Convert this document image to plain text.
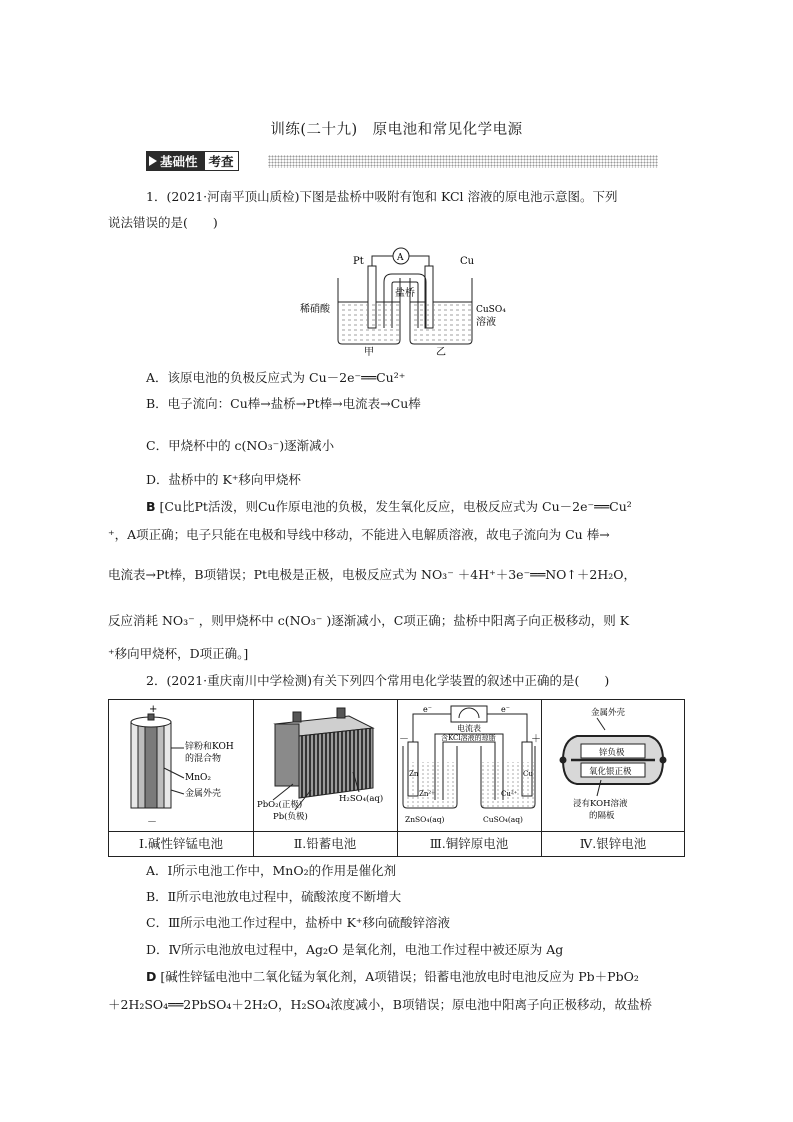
训练(二十九)　原电池和常见化学电源
基础性 考查
1．(2021·河南平顶山质检)下图是盐桥中吸附有饱和 KCl 溶液的原电池示意图。下列
说法错误的是(　　)
Pt	Cu
A
盐桥
稀硝酸	CuSO₄
溶液
甲	乙
A．该原电池的负极反应式为 Cu－2e⁻══Cu²⁺
B．电子流向：Cu棒→盐桥→Pt棒→电流表→Cu棒
C．甲烧杯中的 c(NO₃⁻)逐渐减小
D．盐桥中的 K⁺移向甲烧杯
B [Cu比Pt活泼，则Cu作原电池的负极，发生氧化反应，电极反应式为 Cu－2e⁻══Cu²
⁺，A项正确；电子只能在电极和导线中移动，不能进入电解质溶液，故电子流向为 Cu 棒→
电流表→Pt棒，B项错误；Pt电极是正极，电极反应式为 NO₃⁻ ＋4H⁺＋3e⁻══NO↑＋2H₂O，
反应消耗 NO₃⁻ ，则甲烧杯中 c(NO₃⁻ )逐渐减小，C项正确；盐桥中阳离子向正极移动，则 K
⁺移向甲烧杯，D项正确。]
2．(2021·重庆南川中学检测)有关下列四个常用电化学装置的叙述中正确的是(　　)
+
－
锌粉和KOH
的混合物
MnO₂
金属外壳
PbO₂(正极)
Pb(负极)
H₂SO₄(aq)
电流表
e⁻	e⁻
含KCl溶液的琼脂
－	＋
Zn	Cu
Zn²⁺	Cu²⁺
ZnSO₄(aq)	CuSO₄(aq)
金属外壳
锌负极
氧化银正极
浸有KOH溶液
的隔板
Ⅰ.碱性锌锰电池	Ⅱ.铅蓄电池	Ⅲ.铜锌原电池	Ⅳ.银锌电池
A．Ⅰ所示电池工作中，MnO₂的作用是催化剂
B．Ⅱ所示电池放电过程中，硫酸浓度不断增大
C．Ⅲ所示电池工作过程中，盐桥中 K⁺移向硫酸锌溶液
D．Ⅳ所示电池放电过程中，Ag₂O 是氧化剂，电池工作过程中被还原为 Ag
D [碱性锌锰电池中二氧化锰为氧化剂，A项错误；铅蓄电池放电时电池反应为 Pb＋PbO₂
＋2H₂SO₄══2PbSO₄＋2H₂O，H₂SO₄浓度减小，B项错误；原电池中阳离子向正极移动，故盐桥
